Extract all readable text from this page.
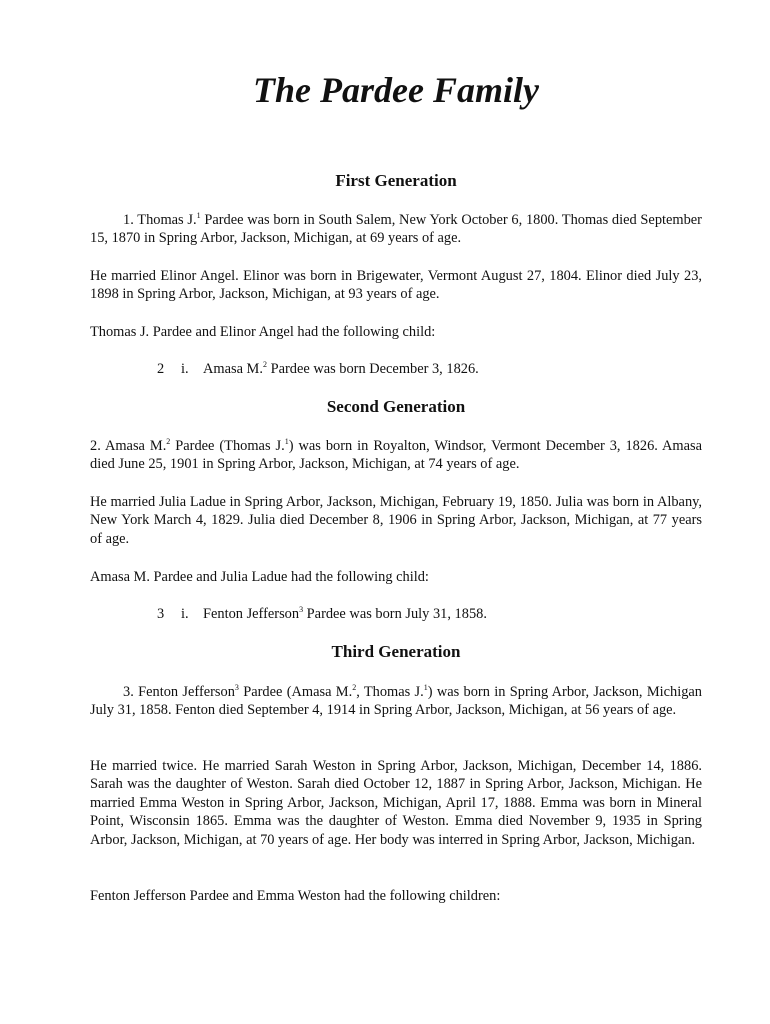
The Pardee Family
First Generation

1. Thomas J.$^1$ Pardee was born in South Salem, New York October 6, 1800. Thomas died September 15, 1870 in Spring Arbor, Jackson, Michigan, at 69 years of age.

He married Elinor Angel. Elinor was born in Brigewater, Vermont August 27, 1804. Elinor died July 23, 1898 in Spring Arbor, Jackson, Michigan, at 93 years of age.

Thomas J. Pardee and Elinor Angel had the following child:

2 i. Amasa M.$^2$ Pardee was born December 3, 1826.

Second Generation

2. Amasa M.$^2$ Pardee (Thomas J.$^1$) was born in Royalton, Windsor, Vermont December 3, 1826. Amasa died June 25, 1901 in Spring Arbor, Jackson, Michigan, at 74 years of age.

He married Julia Ladue in Spring Arbor, Jackson, Michigan, February 19, 1850. Julia was born in Albany, New York March 4, 1829. Julia died December 8, 1906 in Spring Arbor, Jackson, Michigan, at 77 years of age.

Amasa M. Pardee and Julia Ladue had the following child:

3 i. Fenton Jefferson$^3$ Pardee was born July 31, 1858.

Third Generation

3. Fenton Jefferson$^3$ Pardee (Amasa M.$^2$, Thomas J.$^1$) was born in Spring Arbor, Jackson, Michigan July 31, 1858. Fenton died September 4, 1914 in Spring Arbor, Jackson, Michigan, at 56 years of age.

He married twice. He married Sarah Weston in Spring Arbor, Jackson, Michigan, December 14, 1886. Sarah was the daughter of Weston. Sarah died October 12, 1887 in Spring Arbor, Jackson, Michigan. He married Emma Weston in Spring Arbor, Jackson, Michigan, April 17, 1888. Emma was born in Mineral Point, Wisconsin 1865. Emma was the daughter of Weston. Emma died November 9, 1935 in Spring Arbor, Jackson, Michigan, at 70 years of age. Her body was interred in Spring Arbor, Jackson, Michigan.

Fenton Jefferson Pardee and Emma Weston had the following children:
